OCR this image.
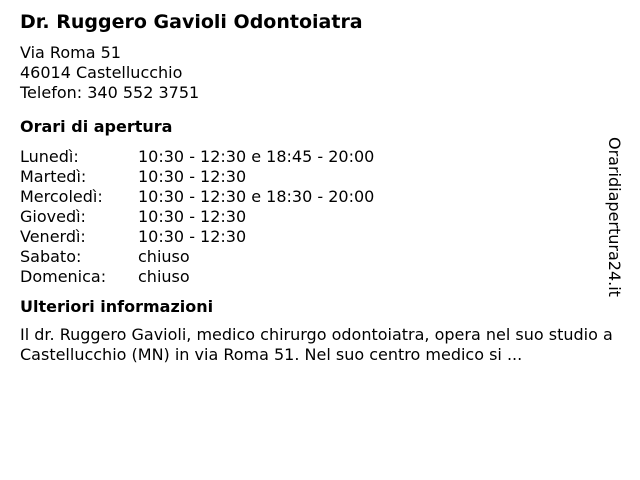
Dr. Ruggero Gavioli Odontoiatra
Via Roma 51
46014 Castellucchio
Telefon: 340 552 3751
Orari di apertura
Lunedì:	10:30 - 12:30 e 18:45 - 20:00
Martedì:	10:30 - 12:30
Mercoledì:	10:30 - 12:30 e 18:30 - 20:00
Giovedì:	10:30 - 12:30
Venerdì:	10:30 - 12:30
Sabato:	chiuso
Domenica:	chiuso
Ulteriori informazioni
Il dr. Ruggero Gavioli, medico chirurgo odontoiatra, opera nel suo studio a Castellucchio (MN) in via Roma 51. Nel suo centro medico si ...
Oraridiapertura24.it
